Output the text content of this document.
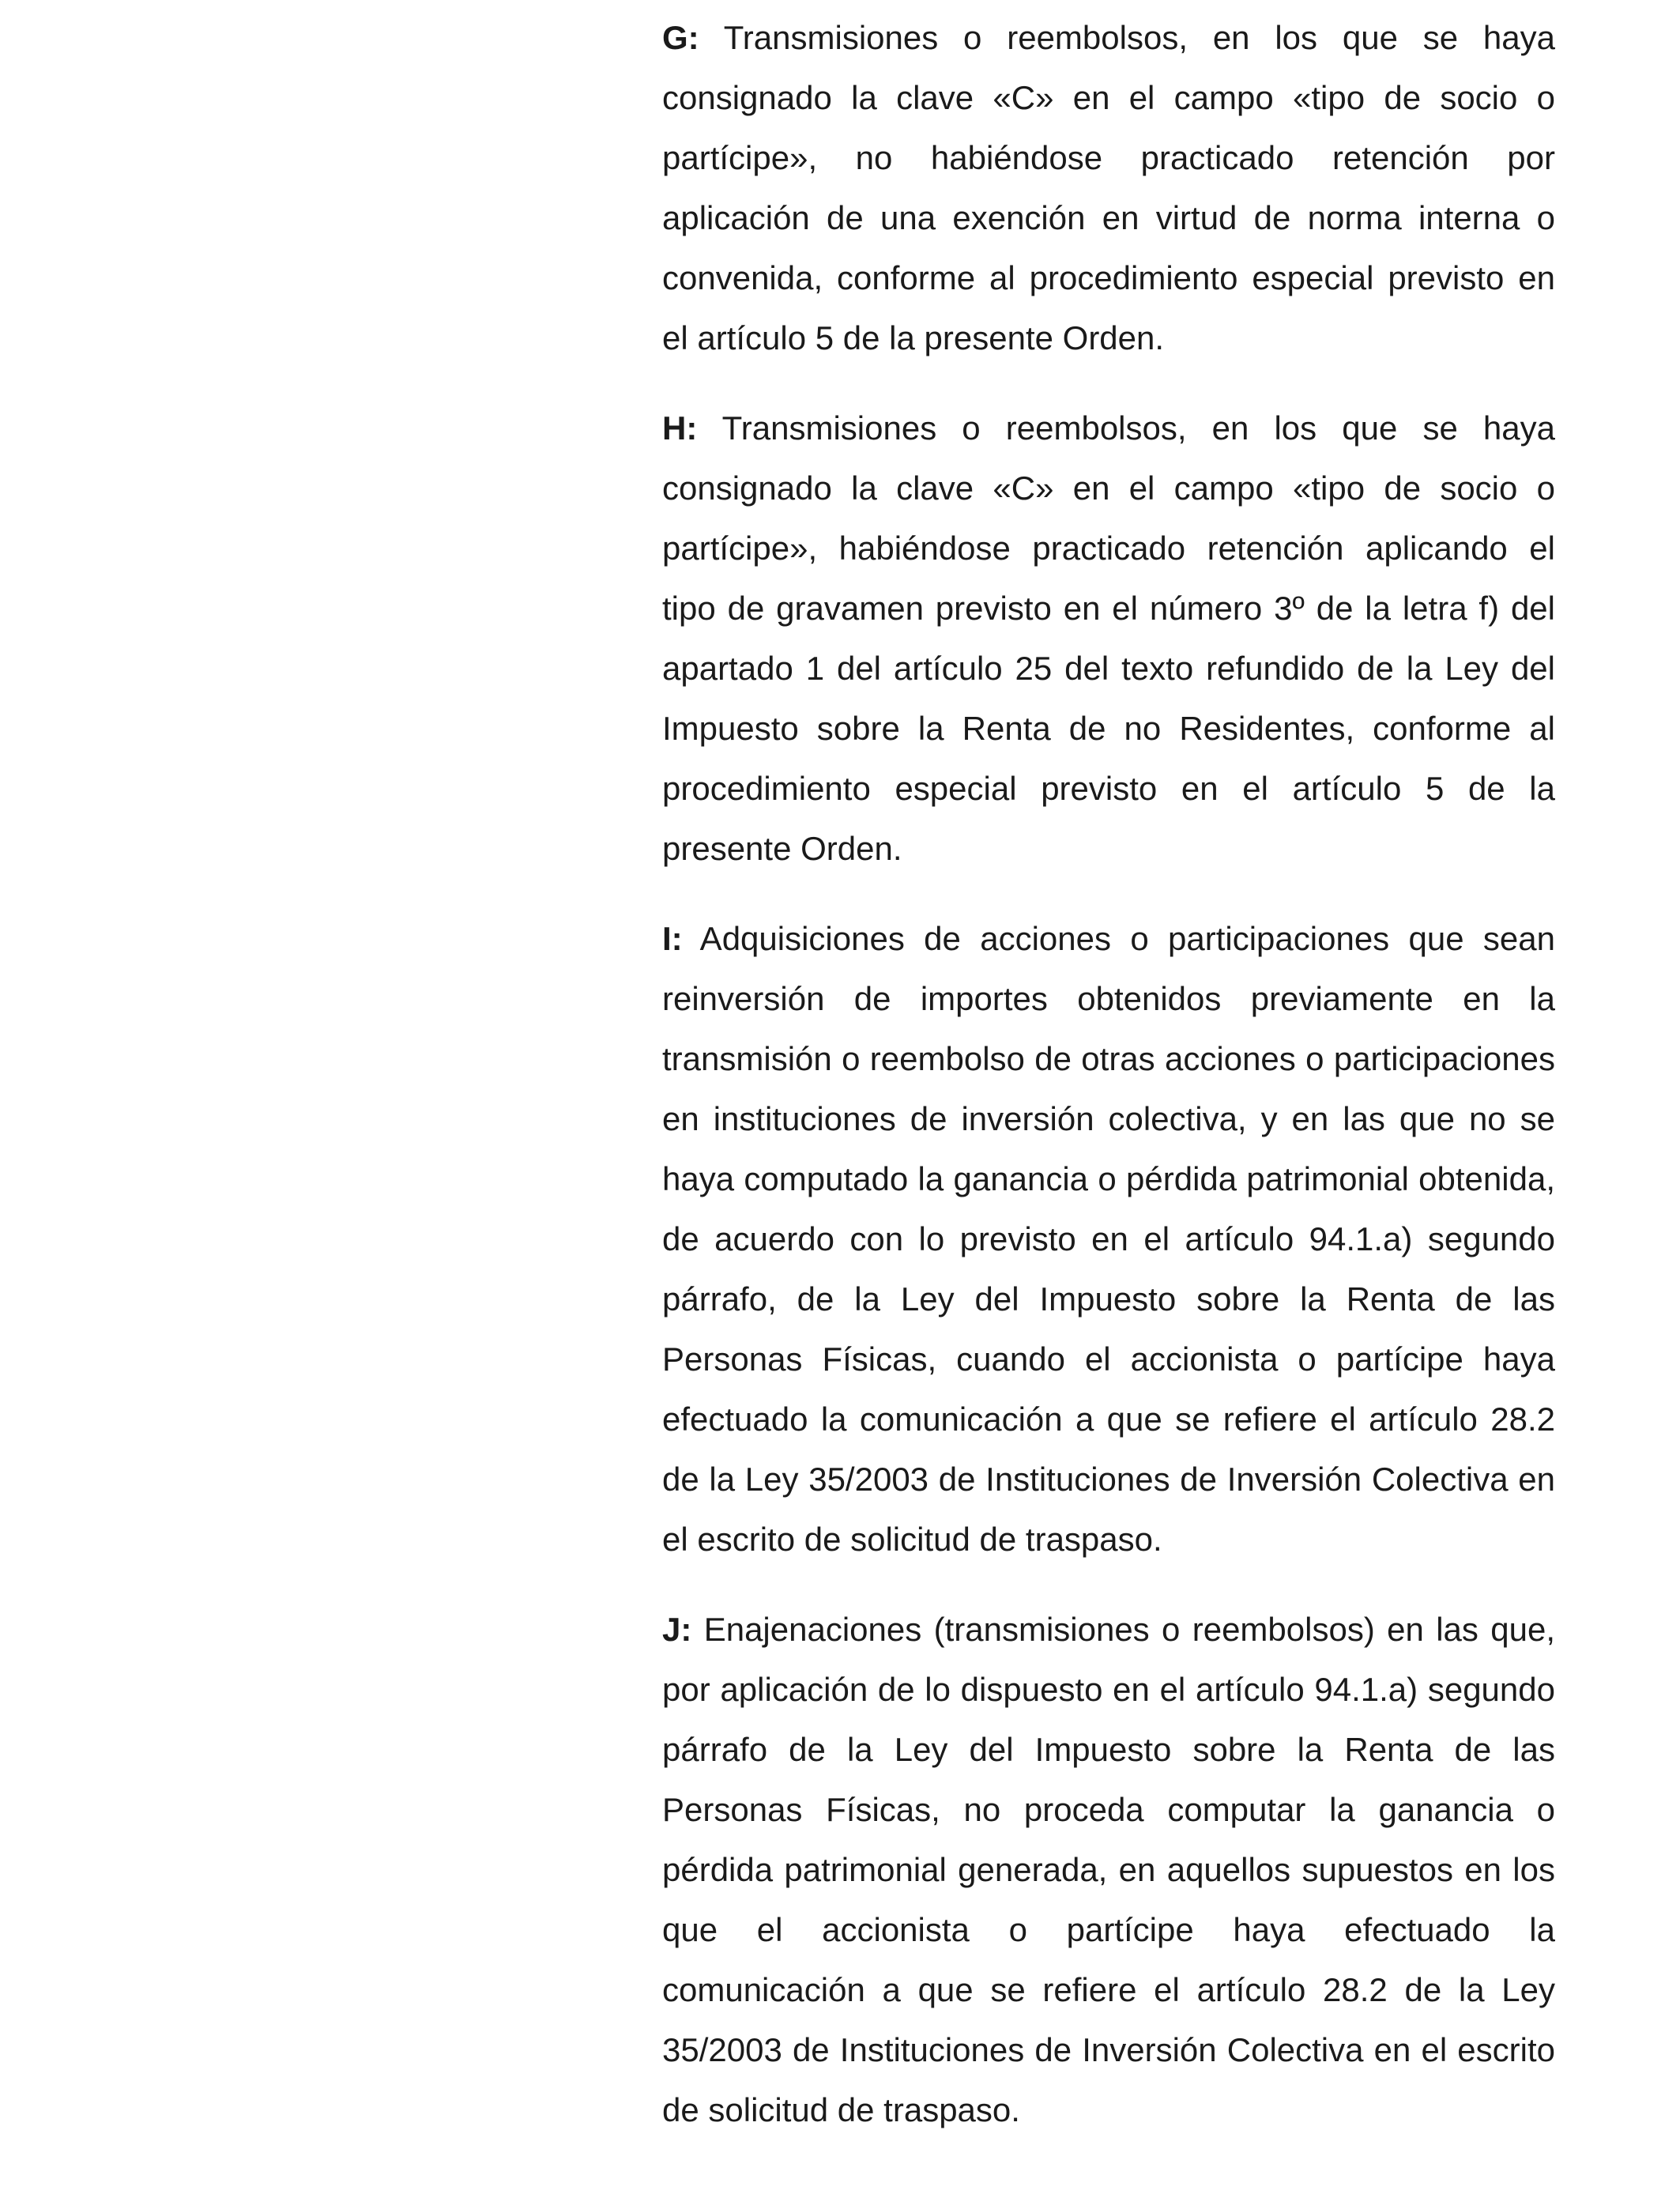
G: Transmisiones o reembolsos, en los que se haya consignado la clave «C» en el campo «tipo de socio o partícipe», no habiéndose practicado retención por aplicación de una exención en virtud de norma interna o convenida, conforme al procedimiento especial previsto en el artículo 5 de la presente Orden.

H: Transmisiones o reembolsos, en los que se haya consignado la clave «C» en el campo «tipo de socio o partícipe», habiéndose practicado retención aplicando el tipo de gravamen previsto en el número 3º de la letra f) del apartado 1 del artículo 25 del texto refundido de la Ley del Impuesto sobre la Renta de no Residentes, conforme al procedimiento especial previsto en el artículo 5 de la presente Orden.

I: Adquisiciones de acciones o participaciones que sean reinversión de importes obtenidos previamente en la transmisión o reembolso de otras acciones o participaciones en instituciones de inversión colectiva, y en las que no se haya computado la ganancia o pérdida patrimonial obtenida, de acuerdo con lo previsto en el artículo 94.1.a) segundo párrafo, de la Ley del Impuesto sobre la Renta de las Personas Físicas, cuando el accionista o partícipe haya efectuado la comunicación a que se refiere el artículo 28.2 de la Ley 35/2003 de Instituciones de Inversión Colectiva en el escrito de solicitud de traspaso.

J: Enajenaciones (transmisiones o reembolsos) en las que, por aplicación de lo dispuesto en el artículo 94.1.a) segundo párrafo de la Ley del Impuesto sobre la Renta de las Personas Físicas, no proceda computar la ganancia o pérdida patrimonial generada, en aquellos supuestos en los que el accionista o partícipe haya efectuado la comunicación a que se refiere el artículo 28.2 de la Ley 35/2003 de Instituciones de Inversión Colectiva en el escrito de solicitud de traspaso.
